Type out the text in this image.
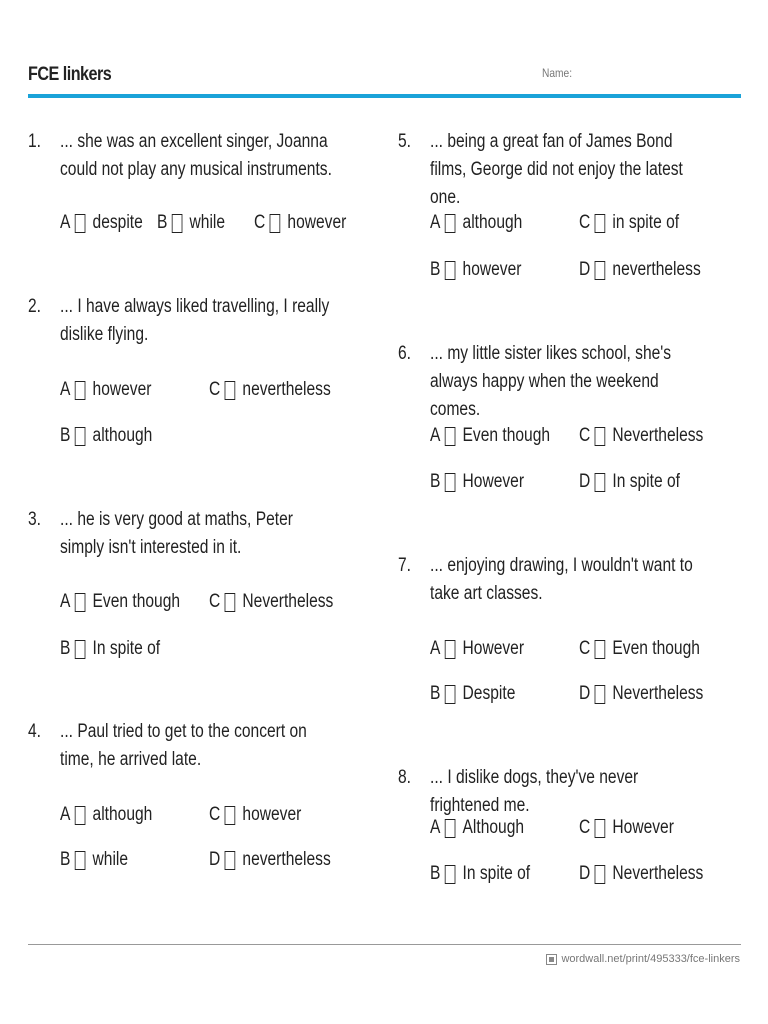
FCE linkers	Name:
1. ... she was an excellent singer, Joanna could not play any musical instruments.
A despite B while C however
2. ... I have always liked travelling, I really dislike flying.
A however	C nevertheless
B although
3. ... he is very good at maths, Peter simply isn't interested in it.
A Even though C Nevertheless
B In spite of
4. ... Paul tried to get to the concert on time, he arrived late.
A although	C however
B while	D nevertheless
5. ... being a great fan of James Bond films, George did not enjoy the latest one.
A although	C in spite of
B however	D nevertheless
6. ... my little sister likes school, she's always happy when the weekend comes.
A Even though C Nevertheless
B However	D In spite of
7. ... enjoying drawing, I wouldn't want to take art classes.
A However	C Even though
B Despite	D Nevertheless
8. ... I dislike dogs, they've never frightened me.
A Although	C However
B In spite of	D Nevertheless
wordwall.net/print/495333/fce-linkers
